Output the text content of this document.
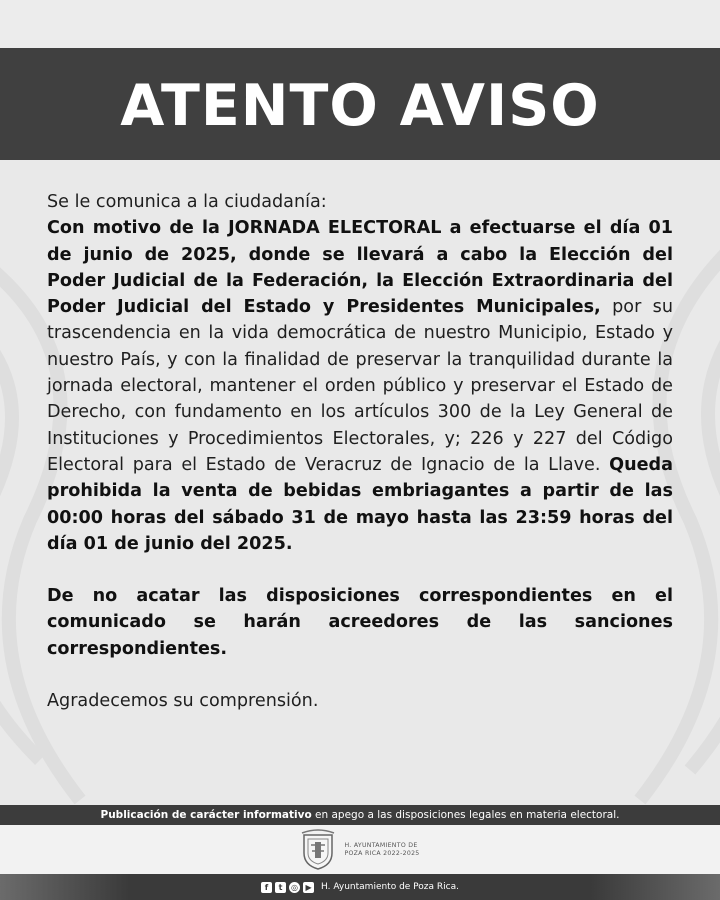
ATENTO AVISO

Se le comunica a la ciudadanía:

Con motivo de la JORNADA ELECTORAL a efectuarse el día 01 de junio de 2025, donde se llevará a cabo la Elección del Poder Judicial de la Federación, la Elección Extraordinaria del Poder Judicial del Estado y Presidentes Municipales, por su trascendencia en la vida democrática de nuestro Municipio, Estado y nuestro País, y con la finalidad de preservar la tranquilidad durante la jornada electoral, mantener el orden público y preservar el Estado de Derecho, con fundamento en los artículos 300 de la Ley General de Instituciones y Procedimientos Electorales, y; 226 y 227 del Código Electoral para el Estado de Veracruz de Ignacio de la Llave. Queda prohibida la venta de bebidas embriagantes a partir de las 00:00 horas del sábado 31 de mayo hasta las 23:59 horas del día 01 de junio del 2025.

De no acatar las disposiciones correspondientes en el comunicado se harán acreedores de las sanciones correspondientes.

Agradecemos su comprensión.

Publicación de carácter informativo en apego a las disposiciones legales en materia electoral.
H. AYUNTAMIENTO DE
POZA RICA 2022-2025
f	t	◎ ▶ H. Ayuntamiento de Poza Rica.
